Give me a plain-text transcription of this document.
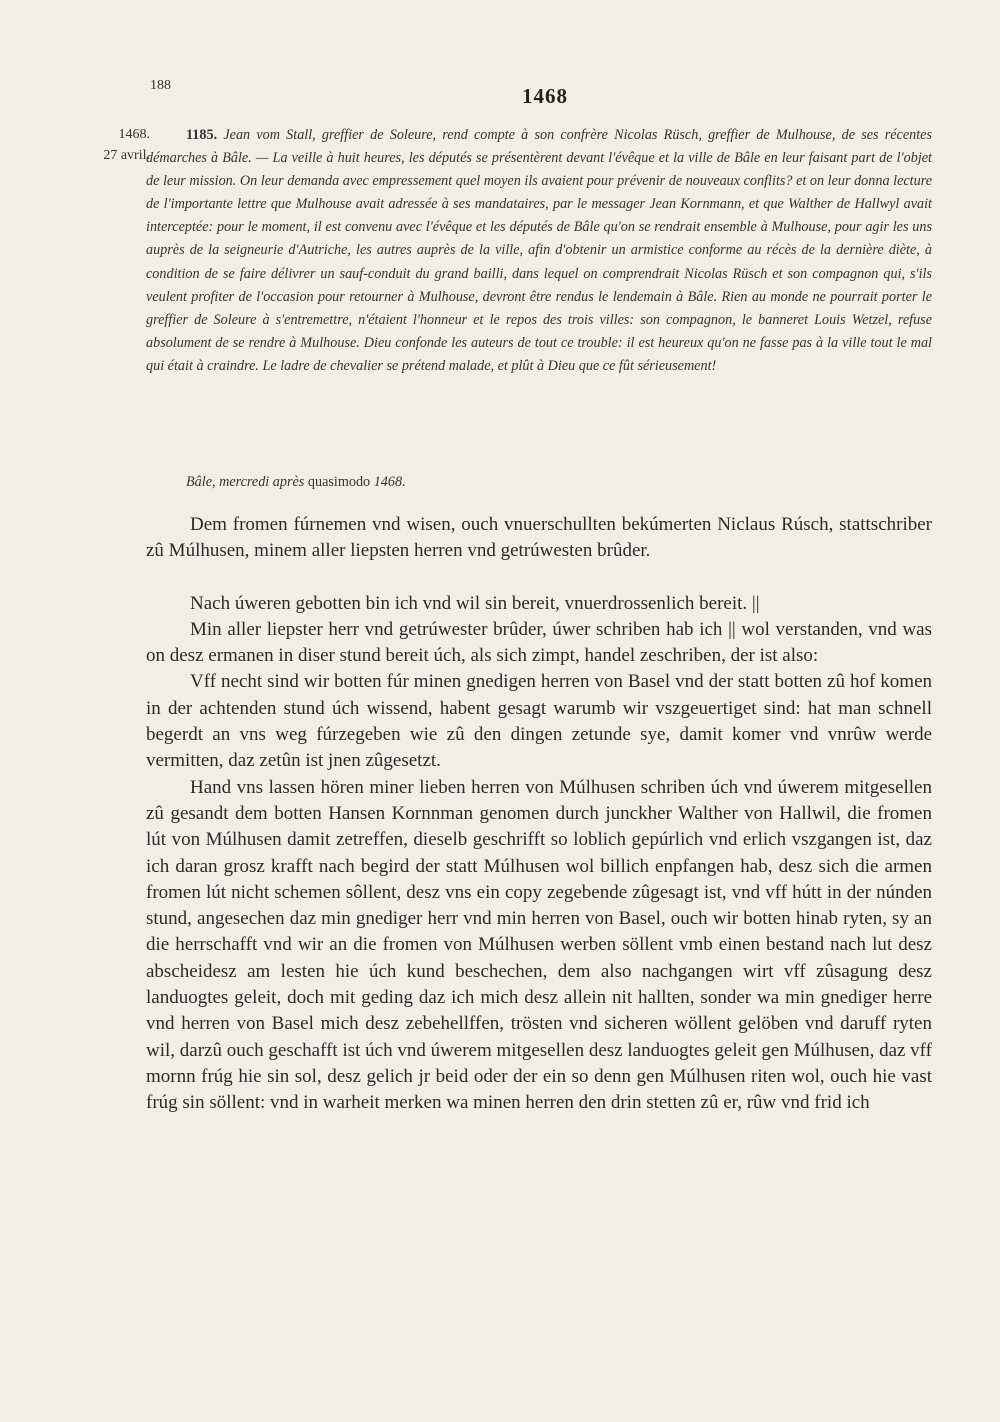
188	1468
1468.
27 avril.

1185. Jean vom Stall, greffier de Soleure, rend compte à son confrère Nicolas Rüsch, greffier de Mulhouse, de ses récentes démarches à Bâle. — La veille à huit heures, les députés se présentèrent devant l'évêque et la ville de Bâle en leur faisant part de l'objet de leur mission. On leur demanda avec empressement quel moyen ils avaient pour prévenir de nouveaux conflits? et on leur donna lecture de l'importante lettre que Mulhouse avait adressée à ses mandataires, par le messager Jean Kornmann, et que Walther de Hallwyl avait interceptée: pour le moment, il est convenu avec l'évêque et les députés de Bâle qu'on se rendrait ensemble à Mulhouse, pour agir les uns auprès de la seigneurie d'Autriche, les autres auprès de la ville, afin d'obtenir un armistice conforme au récès de la dernière diète, à condition de se faire délivrer un sauf-conduit du grand bailli, dans lequel on comprendrait Nicolas Rüsch et son compagnon qui, s'ils veulent profiter de l'occasion pour retourner à Mulhouse, devront être rendus le lendemain à Bâle. Rien au monde ne pourrait porter le greffier de Soleure à s'entremettre, n'étaient l'honneur et le repos des trois villes: son compagnon, le banneret Louis Wetzel, refuse absolument de se rendre à Mulhouse. Dieu confonde les auteurs de tout ce trouble: il est heureux qu'on ne fasse pas à la ville tout le mal qui était à craindre. Le ladre de chevalier se prétend malade, et plût à Dieu que ce fût sérieusement!

Bâle, mercredi après quasimodo 1468.

Dem fromen fúrnemen vnd wisen, ouch vnuerschullten bekúmerten Niclaus Rúsch, stattschriber zû Múlhusen, minem aller liepsten herren vnd getrúwesten brûder.

Nach úweren gebotten bin ich vnd wil sin bereit, vnuerdrossenlich bereit. ||

Min aller liepster herr vnd getrúwester brûder, úwer schriben hab ich || wol verstanden, vnd was on desz ermanen in diser stund bereit úch, als sich zimpt, handel zeschriben, der ist also:

Vff necht sind wir botten fúr minen gnedigen herren von Basel vnd der statt botten zû hof komen in der achtenden stund úch wissend, habent gesagt warumb wir vszgeuertiget sind: hat man schnell begerdt an vns weg fúrzegeben wie zû den dingen zetunde sye, damit komer vnd vnrûw werde vermitten, daz zetûn ist jnen zûgesetzt.

Hand vns lassen hören miner lieben herren von Múlhusen schriben úch vnd úwerem mitgesellen zû gesandt dem botten Hansen Kornnman genomen durch junckher Walther von Hallwil, die fromen lút von Múlhusen damit zetreffen, dieselb geschrifft so loblich gepúrlich vnd erlich vszgangen ist, daz ich daran grosz krafft nach begird der statt Múlhusen wol billich enpfangen hab, desz sich die armen fromen lút nicht schemen sôllent, desz vns ein copy zegebende zûgesagt ist, vnd vff hútt in der núnden stund, angesechen daz min gnediger herr vnd min herren von Basel, ouch wir botten hinab ryten, sy an die herrschafft vnd wir an die fromen von Múlhusen werben söllent vmb einen bestand nach lut desz abscheidesz am lesten hie úch kund beschechen, dem also nachgangen wirt vff zûsagung desz landuogtes geleit, doch mit geding daz ich mich desz allein nit hallten, sonder wa min gnediger herre vnd herren von Basel mich desz zebehellffen, trösten vnd sicheren wöllent gelöben vnd daruff ryten wil, darzû ouch geschafft ist úch vnd úwerem mitgesellen desz landuogtes geleit gen Múlhusen, daz vff mornn frúg hie sin sol, desz gelich jr beid oder der ein so denn gen Múlhusen riten wol, ouch hie vast frúg sin söllent: vnd in warheit merken wa minen herren den drin stetten zû er, rûw vnd frid ich
